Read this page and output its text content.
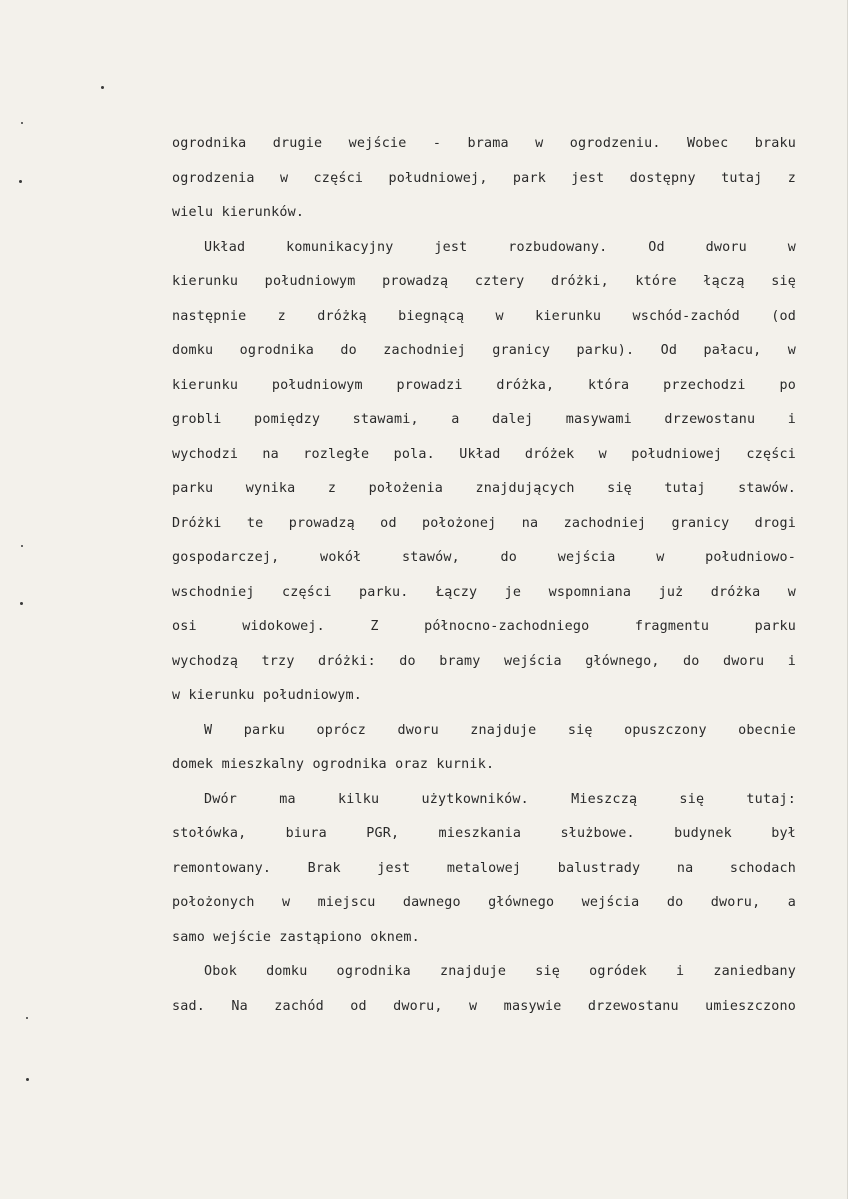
ogrodnika drugie wejście - brama w ogrodzeniu. Wobec braku
ogrodzenia w części południowej, park jest dostępny tutaj z
wielu kierunków.
Układ komunikacyjny jest rozbudowany. Od dworu w
kierunku południowym prowadzą cztery dróżki, które łączą się
następnie z dróżką biegnącą w kierunku wschód-zachód (od
domku ogrodnika do zachodniej granicy parku). Od pałacu, w
kierunku południowym prowadzi dróżka, która przechodzi po
grobli pomiędzy stawami, a dalej masywami drzewostanu i
wychodzi na rozległe pola. Układ dróżek w południowej części
parku wynika z położenia znajdujących się tutaj stawów.
Dróżki te prowadzą od położonej na zachodniej granicy drogi
gospodarczej, wokół stawów, do wejścia w południowo-
wschodniej części parku. Łączy je wspomniana już dróżka w
osi widokowej. Z północno-zachodniego fragmentu parku
wychodzą trzy dróżki: do bramy wejścia głównego, do dworu i
w kierunku południowym.
W parku oprócz dworu znajduje się opuszczony obecnie
domek mieszkalny ogrodnika oraz kurnik.
Dwór ma kilku użytkowników. Mieszczą się tutaj:
stołówka, biura PGR, mieszkania służbowe. budynek był
remontowany. Brak jest metalowej balustrady na schodach
położonych w miejscu dawnego głównego wejścia do dworu, a
samo wejście zastąpiono oknem.
Obok domku ogrodnika znajduje się ogródek i zaniedbany
sad. Na zachód od dworu, w masywie drzewostanu umieszczono
